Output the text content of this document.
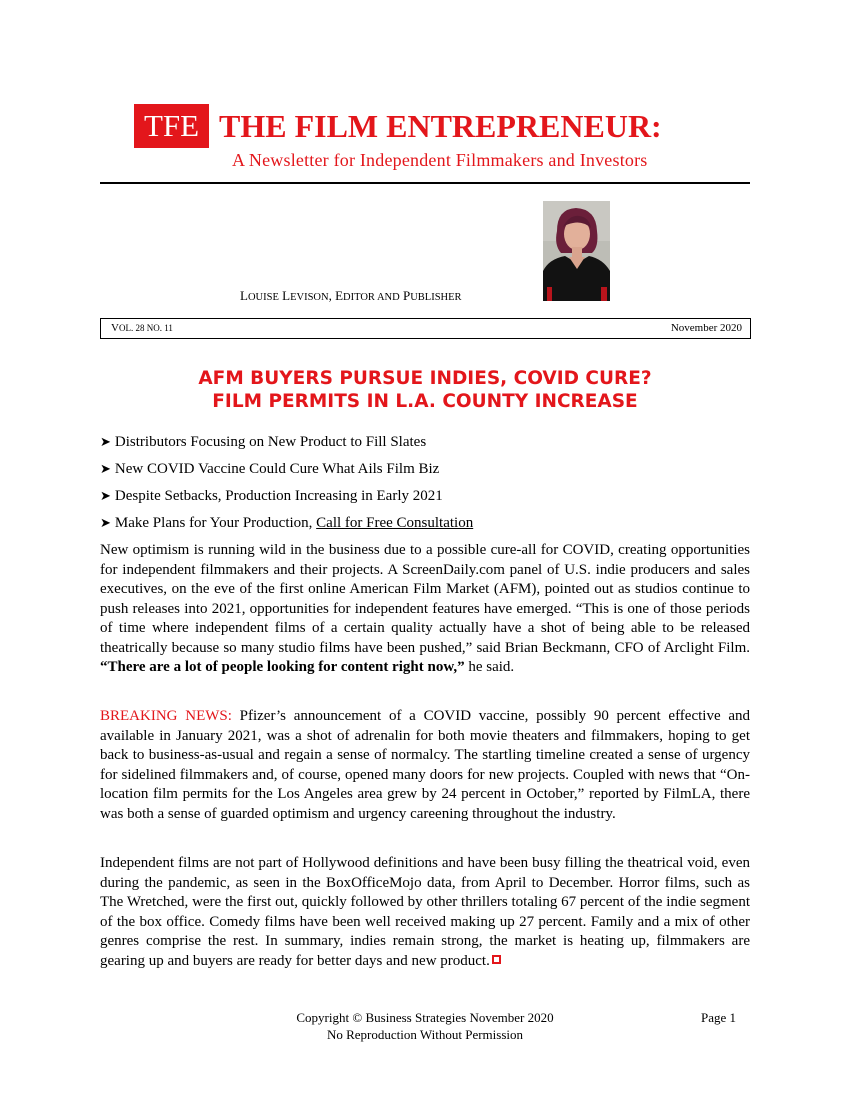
TFE THE FILM ENTREPRENEUR:
A Newsletter for Independent Filmmakers and Investors
LOUISE LEVISON, EDITOR AND PUBLISHER
VOL. 28 NO. 11	November 2020
AFM BUYERS PURSUE INDIES, COVID CURE?
FILM PERMITS IN L.A. COUNTY INCREASE
➤ Distributors Focusing on New Product to Fill Slates
➤ New COVID Vaccine Could Cure What Ails Film Biz
➤ Despite Setbacks, Production Increasing in Early 2021
➤ Make Plans for Your Production, Call for Free Consultation

New optimism is running wild in the business due to a possible cure-all for COVID, creating opportunities for independent filmmakers and their projects. A ScreenDaily.com panel of U.S. indie producers and sales executives, on the eve of the first online American Film Market (AFM), pointed out as studios continue to push releases into 2021, opportunities for independent features have emerged. “This is one of those periods of time where independent films of a certain quality actually have a shot of being able to be released theatrically because so many studio films have been pushed,” said Brian Beckmann, CFO of Arclight Film. “There are a lot of people looking for content right now,” he said.

BREAKING NEWS: Pfizer’s announcement of a COVID vaccine, possibly 90 percent effective and available in January 2021, was a shot of adrenalin for both movie theaters and filmmakers, hoping to get back to business-as-usual and regain a sense of normalcy. The startling timeline created a sense of urgency for sidelined filmmakers and, of course, opened many doors for new projects. Coupled with news that “On-location film permits for the Los Angeles area grew by 24 percent in October,” reported by FilmLA, there was both a sense of guarded optimism and urgency careening throughout the industry.

Independent films are not part of Hollywood definitions and have been busy filling the theatrical void, even during the pandemic, as seen in the BoxOfficeMojo data, from April to December. Horror films, such as The Wretched, were the first out, quickly followed by other thrillers totaling 67 percent of the indie segment of the box office. Comedy films have been well received making up 27 percent. Family and a mix of other genres comprise the rest. In summary, indies remain strong, the market is heating up, filmmakers are gearing up and buyers are ready for better days and new product.

Copyright © Business Strategies November 2020
No Reproduction Without Permission
Page 1
